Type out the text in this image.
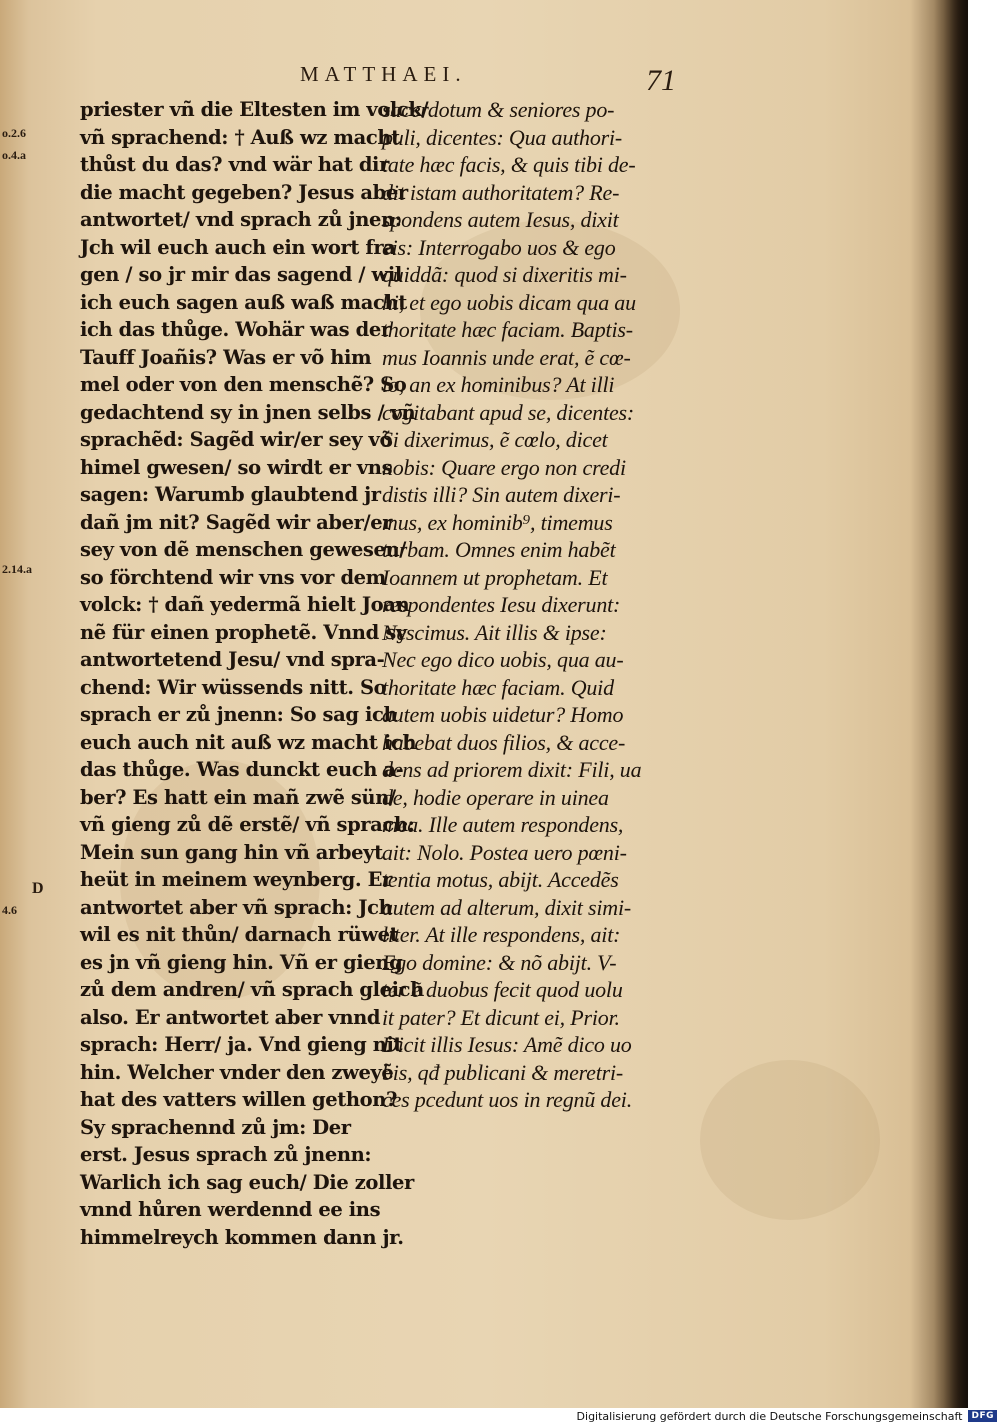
MATTHAEI.	71
o.2.6
o.4.a
2.14.a
D
4.6
priester vñ die Eltesten im volck/
vñ sprachend: † Auß wz macht
thůst du das? vnd wär hat dir
die macht gegeben? Jesus aber
antwortet/ vnd sprach zů jnen:
Jch wil euch auch ein wort fra
gen / so jr mir das sagend / wil
ich euch sagen auß waß macht
ich das thůge. Wohär was der
Tauff Joañis? Was er võ him
mel oder von den menschẽ? So
gedachtend sy in jnen selbs / vñ
sprachẽd: Sagẽd wir/er sey võ
himel gwesen/ so wirdt er vns
sagen: Warumb glaubtend jr
dañ jm nit? Sagẽd wir aber/er
sey von dẽ menschen gewesen/
so förchtend wir vns vor dem
volck: † dañ yedermã hielt Joan
nẽ für einen prophetẽ. Vnnd sy
antwortetend Jesu/ vnd spra-
chend: Wir wüssends nitt. So
sprach er zů jnenn: So sag ich
euch auch nit auß wz macht ich
das thůge. Was dunckt euch a-
ber? Es hatt ein mañ zwẽ sün/
vñ gieng zů dẽ erstẽ/ vñ sprach:
Mein sun gang hin vñ arbeyt
heüt in meinem weynberg. Er
antwortet aber vñ sprach: Jch
wil es nit thůn/ darnach rüwet
es jn vñ gieng hin. Vñ er gieng
zů dem andren/ vñ sprach gleich
also. Er antwortet aber vnnd
sprach: Herr/ ja. Vnd gieng nit
hin. Welcher vnder den zweyẽ
hat des vatters willen gethon?
Sy sprachennd zů jm: Der
erst. Jesus sprach zů jnenn:
Warlich ich sag euch/ Die zoller
vnnd hůren werdennd ee ins
himmelreych kommen dann jr.
sacerdotum & seniores po-
puli, dicentes: Qua authori-
tate hæc facis, & quis tibi de-
dit istam authoritatem? Re-
spondens autem Iesus, dixit
eis: Interrogabo uos & ego
quiddã: quod si dixeritis mi-
hi, et ego uobis dicam qua au
thoritate hæc faciam. Baptis-
mus Ioannis unde erat, ẽ cœ-
lo, an ex hominibus? At illi
cogitabant apud se, dicentes:
Si dixerimus, ẽ cœlo, dicet
nobis: Quare ergo non credi
distis illi? Sin autem dixeri-
mus, ex hominib⁹, timemus
turbam. Omnes enim habẽt
Ioannem ut prophetam. Et
respondentes Iesu dixerunt:
Nescimus. Ait illis & ipse:
Nec ego dico uobis, qua au-
thoritate hæc faciam. Quid
autem uobis uidetur? Homo
habebat duos filios, & acce-
dens ad priorem dixit: Fili, ua
de, hodie operare in uinea
mea. Ille autem respondens,
ait: Nolo. Postea uero pœni-
tentia motus, abijt. Accedẽs
autem ad alterum, dixit simi-
liter. At ille respondens, ait:
Ego domine: & nõ abijt. V-
ter ẽ duobus fecit quod uolu
it pater? Et dicunt ei, Prior.
Dicit illis Iesus: Amẽ dico uo
bis, qđ publicani & meretri-
ces pcedunt uos in regnũ dei.
Digitalisierung gefördert durch die Deutsche Forschungsgemeinschaft	DFG
